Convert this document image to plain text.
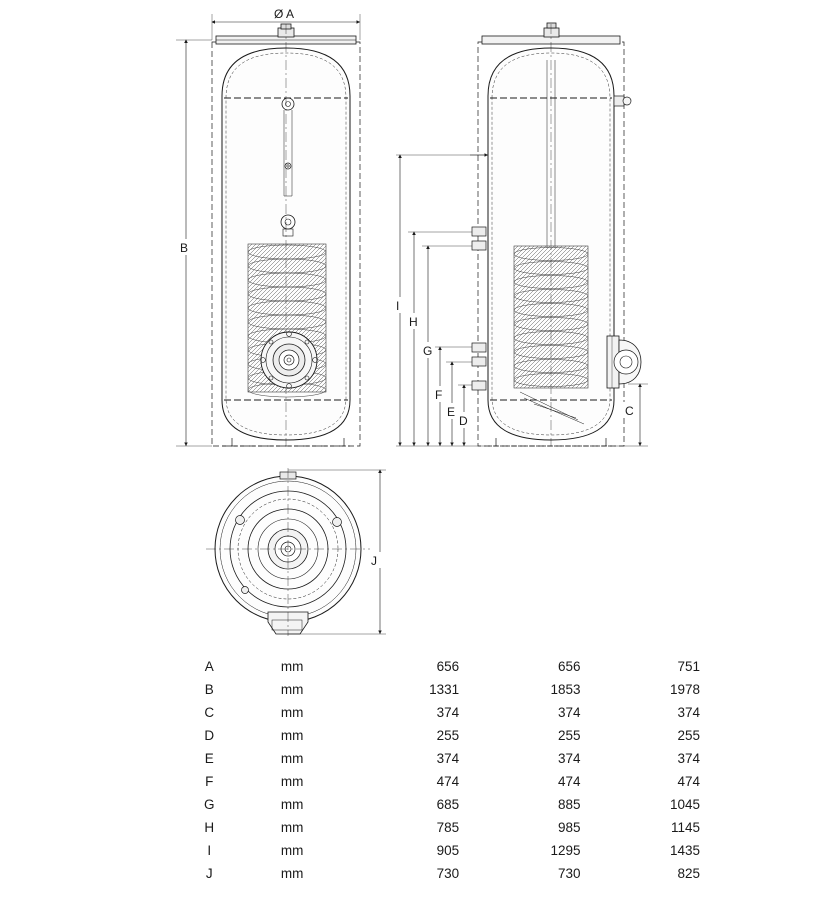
Ø A
B
I
H
G
F
E
D
C
J
A	mm	656	656	751
B	mm	1331	1853	1978
C	mm	374	374	374
D	mm	255	255	255
E	mm	374	374	374
F	mm	474	474	474
G	mm	685	885	1045
H	mm	785	985	1145
I	mm	905	1295	1435
J	mm	730	730	825
